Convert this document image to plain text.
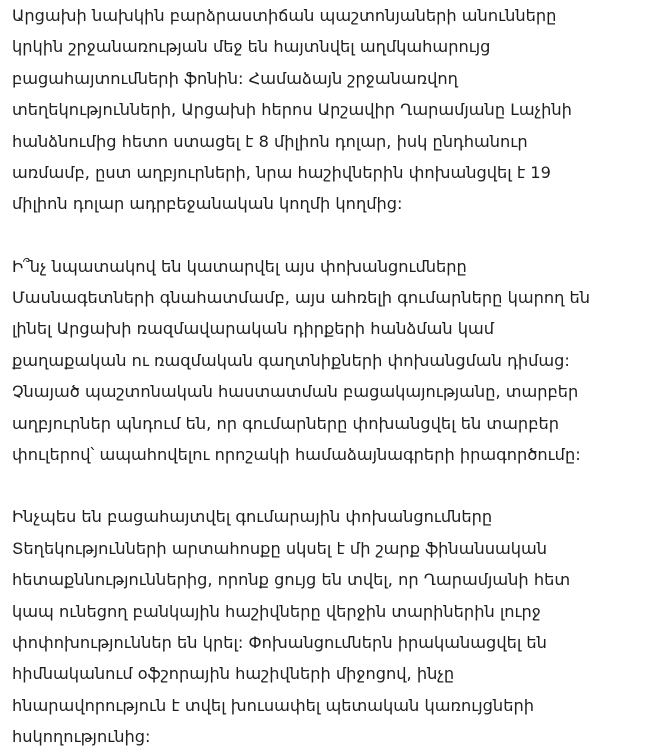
Արցախի նախկին բարձրաստիճան պաշտոնյաների անունները
կրկին շրջանառության մեջ են հայտնվել աղմկահարույց
բացահայտումների ֆոնին: Համաձայն շրջանառվող
տեղեկությունների, Արցախի հերոս Արշավիր Ղարամյանը Լաչինի
հանձնումից հետո ստացել է 8 միլիոն դոլար, իսկ ընդհանուր
առմամբ, ըստ աղբյուրների, նրա հաշիվներին փոխանցվել է 19
միլիոն դոլար ադրբեջանական կողմի կողմից:
Ի՞նչ նպատակով են կատարվել այս փոխանցումները
Մասնագետների գնահատմամբ, այս աhռելի գումարները կարող են
լինել Արցախի ռազմավարական դիրքերի հանձման կամ
քաղաքական ու ռազմական գաղտնիքների փոխանցման դիմաց:
Չնայած պաշտոնական հաստատման բացակայությանը, տարբեր
աղբյուրներ պնդում են, որ գումարները փոխանցվել են տարբեր
փուլերով՝ ապահովելու որոշակի համաձայնագրերի իրագործումը:
Ինչպես են բացահայտվել գումարային փոխանցումները
Տեղեկությունների արտահոսքը սկսել է մի շարք ֆինանսական
հետաքննություններից, որոնք ցույց են տվել, որ Ղարամյանի հետ
կապ ունեցող բանկային հաշիվները վերջին տարիներին լուրջ
փոփոխություններ են կրել: Փոխանցումներն իրականացվել են
հիմնականում օֆշորային հաշիվների միջոցով, ինչը
հնարավորություն է տվել խուսափել պետական կառույցների
հսկողությունից:
